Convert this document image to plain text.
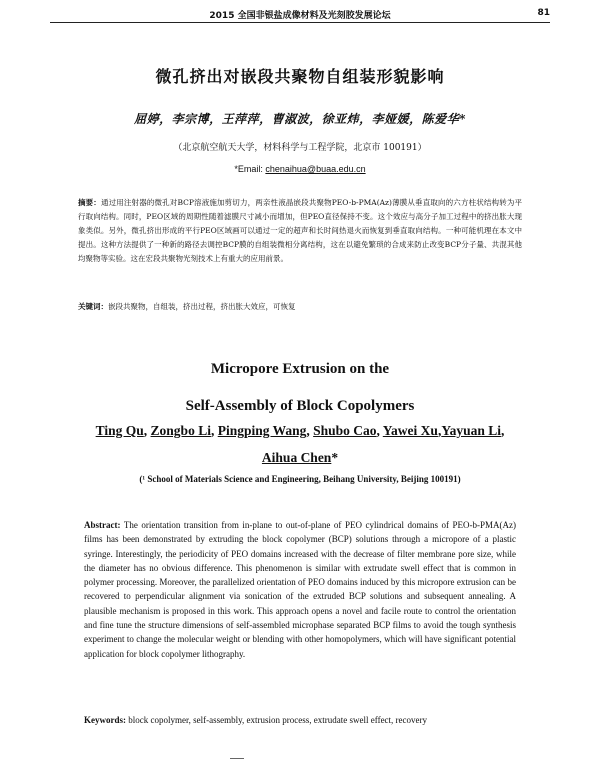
2015 全国非银盐成像材料及光刻胶发展论坛	81
微孔挤出对嵌段共聚物自组装形貌影响
屈婷，李宗博，王萍萍，曹淑波，徐亚炜，李娅媛，陈爱华*
（北京航空航天大学，材料科学与工程学院，北京市 100191）
*Email: chenaihua@buaa.edu.cn
摘要：通过用注射器的微孔对BCP溶液施加剪切力，两亲性液晶嵌段共聚物PEO-b-PMA(Az)薄膜从垂直取向的六方柱状结构转为平行取向结构。同时，PEO区域的周期性随着滤膜尺寸减小而增加，但PEO直径保持不变。这个效应与高分子加工过程中的挤出胀大现象类似。另外，微孔挤出形成的平行PEO区域画可以通过一定的超声和长时间热退火而恢复到垂直取向结构。一种可能机理在本文中提出。这种方法提供了一种新的路径去调控BCP膜的自组装微相分离结构，这在以避免繁琐的合成来防止改变BCP分子量、共混其他均聚物等实验。这在宏段共聚物光刻技术上有重大的应用前景。
关键词：嵌段共聚物，自组装，挤出过程，挤出胀大效应，可恢复
Micropore Extrusion on the
Self-Assembly of Block Copolymers
Ting Qu, Zongbo Li, Pingping Wang, Shubo Cao, Yawei Xu,Yayuan Li,
Aihua Chen*
(¹ School of Materials Science and Engineering, Beihang University, Beijing 100191)
Abstract: The orientation transition from in-plane to out-of-plane of PEO cylindrical domains of PEO-b-PMA(Az) films has been demonstrated by extruding the block copolymer (BCP) solutions through a micropore of a plastic syringe. Interestingly, the periodicity of PEO domains increased with the decrease of filter membrane pore size, while the diameter has no obvious difference. This phenomenon is similar with extrudate swell effect that is common in polymer processing. Moreover, the parallelized orientation of PEO domains induced by this micropore extrusion can be recovered to perpendicular alignment via sonication of the extruded BCP solutions and subsequent annealing. A plausible mechanism is proposed in this work. This approach opens a novel and facile route to control the orientation and fine tune the structure dimensions of self-assembled microphase separated BCP films to avoid the tough synthesis experiment to change the molecular weight or blending with other homopolymers, which will have significant potential application for block copolymer lithography.
Keywords: block copolymer, self-assembly, extrusion process, extrudate swell effect, recovery
